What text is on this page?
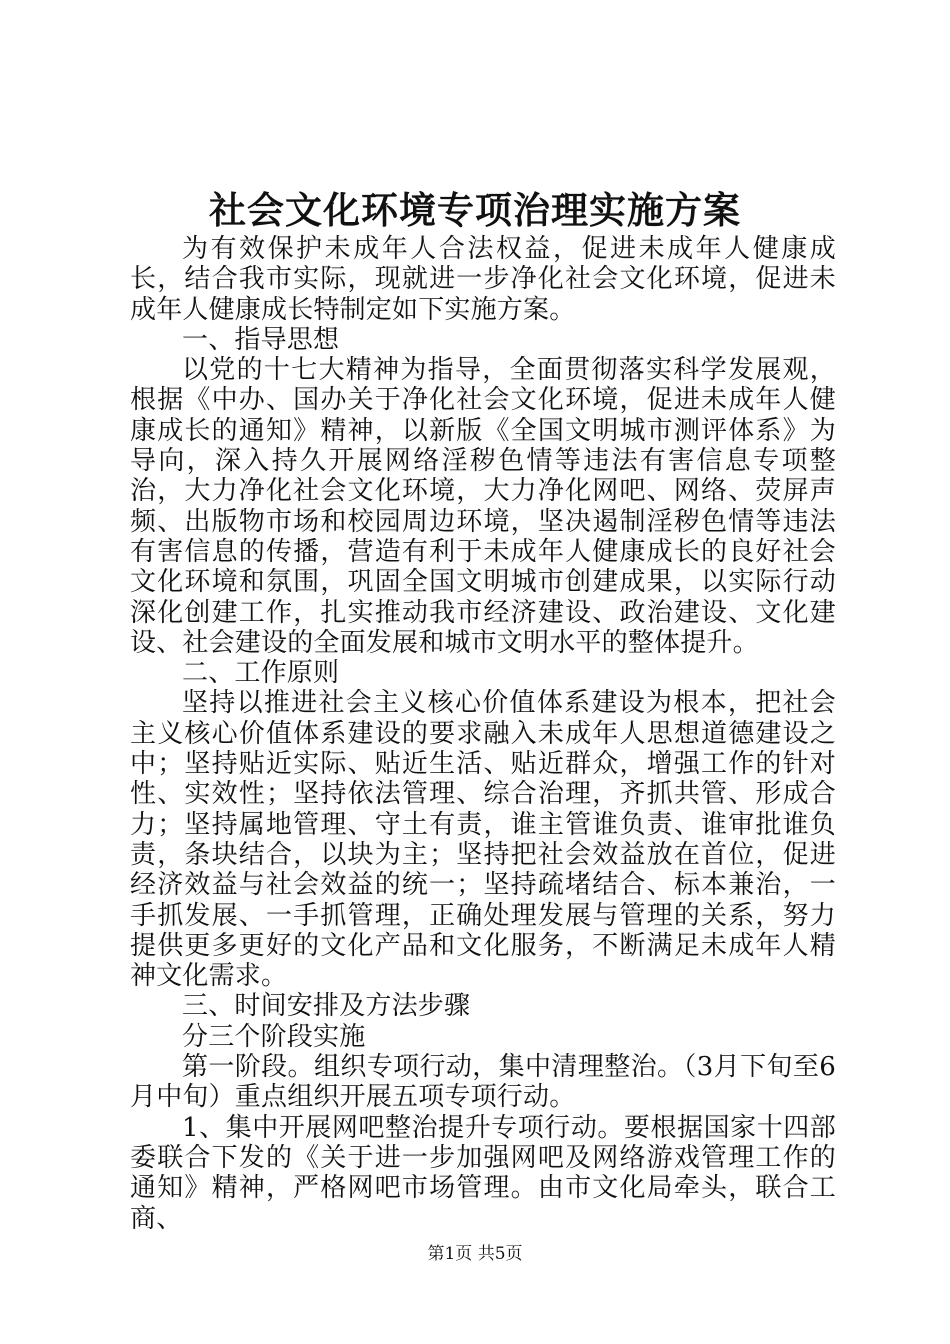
社会文化环境专项治理实施方案

为有效保护未成年人合法权益，促进未成年人健康成长，结合我市实际，现就进一步净化社会文化环境，促进未成年人健康成长特制定如下实施方案。

一、指导思想

以党的十七大精神为指导，全面贯彻落实科学发展观，根据《中办、国办关于净化社会文化环境，促进未成年人健康成长的通知》精神，以新版《全国文明城市测评体系》为导向，深入持久开展网络淫秽色情等违法有害信息专项整治，大力净化社会文化环境，大力净化网吧、网络、荧屏声频、出版物市场和校园周边环境，坚决遏制淫秽色情等违法有害信息的传播，营造有利于未成年人健康成长的良好社会文化环境和氛围，巩固全国文明城市创建成果，以实际行动深化创建工作，扎实推动我市经济建设、政治建设、文化建设、社会建设的全面发展和城市文明水平的整体提升。

二、工作原则

坚持以推进社会主义核心价值体系建设为根本，把社会主义核心价值体系建设的要求融入未成年人思想道德建设之中；坚持贴近实际、贴近生活、贴近群众，增强工作的针对性、实效性；坚持依法管理、综合治理，齐抓共管、形成合力；坚持属地管理、守土有责，谁主管谁负责、谁审批谁负责，条块结合，以块为主；坚持把社会效益放在首位，促进经济效益与社会效益的统一；坚持疏堵结合、标本兼治，一手抓发展、一手抓管理，正确处理发展与管理的关系，努力提供更多更好的文化产品和文化服务，不断满足未成年人精神文化需求。

三、时间安排及方法步骤

分三个阶段实施

第一阶段。组织专项行动，集中清理整治。（3月下旬至6月中旬）重点组织开展五项专项行动。

1、集中开展网吧整治提升专项行动。要根据国家十四部委联合下发的《关于进一步加强网吧及网络游戏管理工作的通知》精神，严格网吧市场管理。由市文化局牵头，联合工商、

第1页 共5页
